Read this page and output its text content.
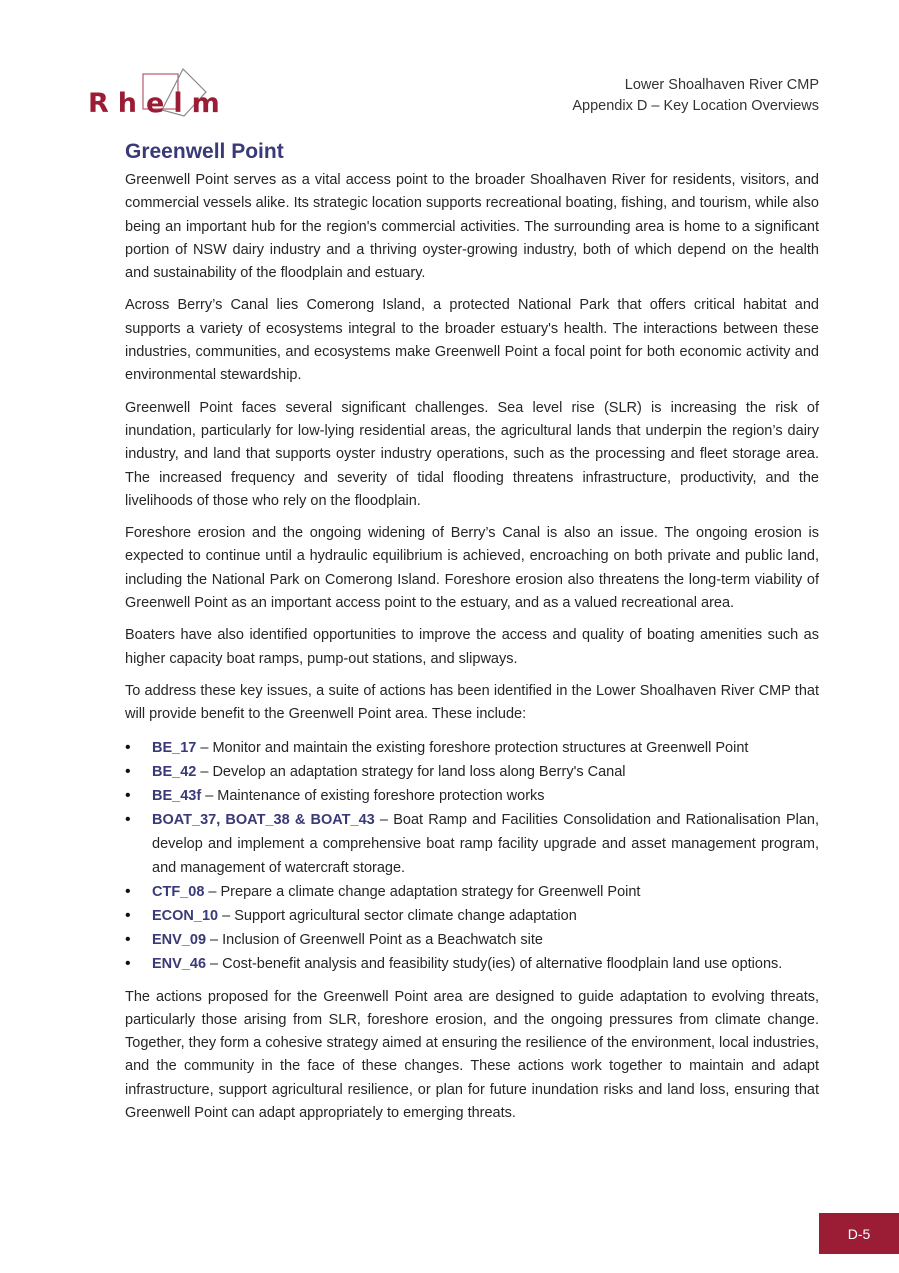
Rhelm
Lower Shoalhaven River CMP
Appendix D – Key Location Overviews
Greenwell Point

Greenwell Point serves as a vital access point to the broader Shoalhaven River for residents, visitors, and commercial vessels alike. Its strategic location supports recreational boating, fishing, and tourism, while also being an important hub for the region's commercial activities. The surrounding area is home to a significant portion of NSW dairy industry and a thriving oyster-growing industry, both of which depend on the health and sustainability of the floodplain and estuary.

Across Berry’s Canal lies Comerong Island, a protected National Park that offers critical habitat and supports a variety of ecosystems integral to the broader estuary's health. The interactions between these industries, communities, and ecosystems make Greenwell Point a focal point for both economic activity and environmental stewardship.

Greenwell Point faces several significant challenges. Sea level rise (SLR) is increasing the risk of inundation, particularly for low-lying residential areas, the agricultural lands that underpin the region’s dairy industry, and land that supports oyster industry operations, such as the processing and fleet storage area. The increased frequency and severity of tidal flooding threatens infrastructure, productivity, and the livelihoods of those who rely on the floodplain.

Foreshore erosion and the ongoing widening of Berry’s Canal is also an issue. The ongoing erosion is expected to continue until a hydraulic equilibrium is achieved, encroaching on both private and public land, including the National Park on Comerong Island. Foreshore erosion also threatens the long-term viability of Greenwell Point as an important access point to the estuary, and as a valued recreational area.

Boaters have also identified opportunities to improve the access and quality of boating amenities such as higher capacity boat ramps, pump-out stations, and slipways.

To address these key issues, a suite of actions has been identified in the Lower Shoalhaven River CMP that will provide benefit to the Greenwell Point area. These include:

• BE_17 – Monitor and maintain the existing foreshore protection structures at Greenwell Point
• BE_42 – Develop an adaptation strategy for land loss along Berry's Canal
• BE_43f – Maintenance of existing foreshore protection works
• BOAT_37, BOAT_38 & BOAT_43 – Boat Ramp and Facilities Consolidation and Rationalisation Plan, develop and implement a comprehensive boat ramp facility upgrade and asset management program, and management of watercraft storage.
• CTF_08 – Prepare a climate change adaptation strategy for Greenwell Point
• ECON_10 – Support agricultural sector climate change adaptation
• ENV_09 – Inclusion of Greenwell Point as a Beachwatch site
• ENV_46 – Cost-benefit analysis and feasibility study(ies) of alternative floodplain land use options.

The actions proposed for the Greenwell Point area are designed to guide adaptation to evolving threats, particularly those arising from SLR, foreshore erosion, and the ongoing pressures from climate change. Together, they form a cohesive strategy aimed at ensuring the resilience of the environment, local industries, and the community in the face of these changes. These actions work together to maintain and adapt infrastructure, support agricultural resilience, or plan for future inundation risks and land loss, ensuring that Greenwell Point can adapt appropriately to emerging threats.

D-5
